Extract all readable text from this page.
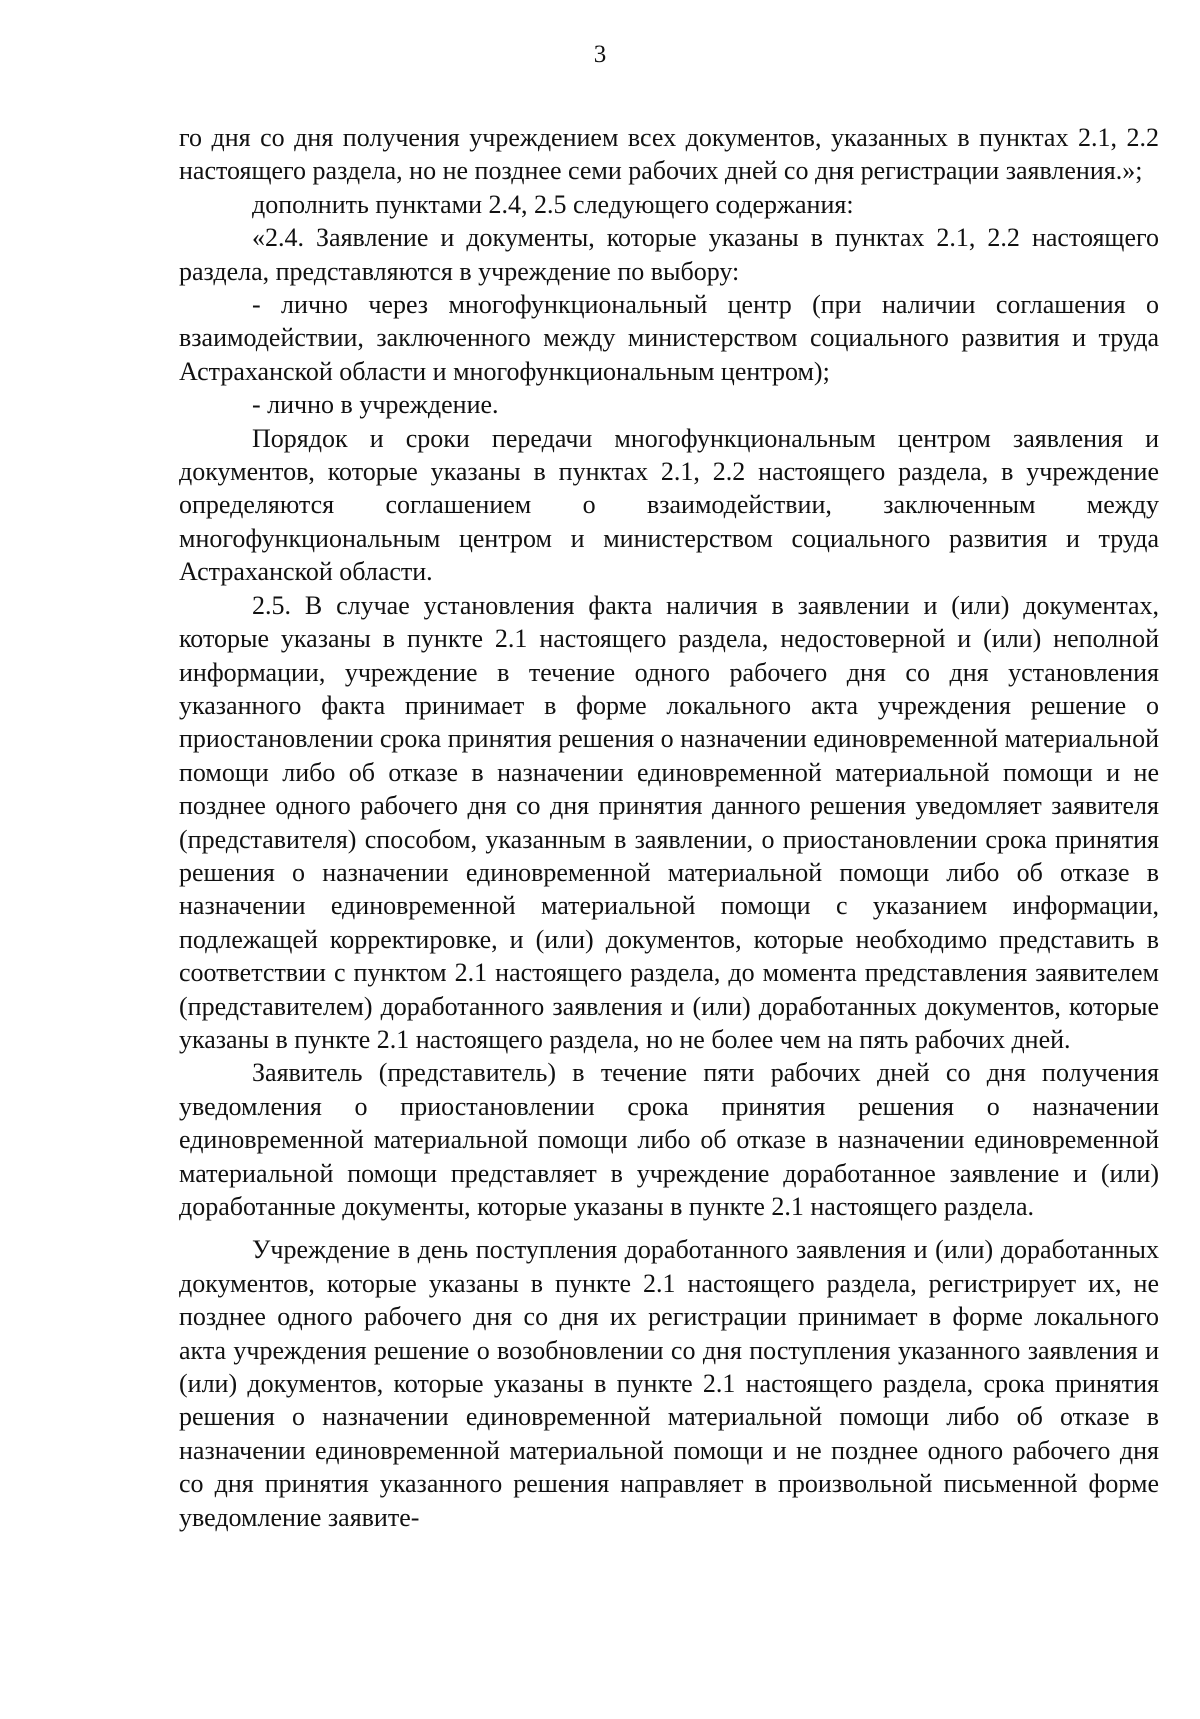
3

го дня со дня получения учреждением всех документов, указанных в пунктах 2.1, 2.2 настоящего раздела, но не позднее семи рабочих дней со дня регистрации заявления.»;

дополнить пунктами 2.4, 2.5 следующего содержания:

«2.4. Заявление и документы, которые указаны в пунктах 2.1, 2.2 настоящего раздела, представляются в учреждение по выбору:

- лично через многофункциональный центр (при наличии соглашения о взаимодействии, заключенного между министерством социального развития и труда Астраханской области и многофункциональным центром);

- лично в учреждение.

Порядок и сроки передачи многофункциональным центром заявления и документов, которые указаны в пунктах 2.1, 2.2 настоящего раздела, в учреждение определяются соглашением о взаимодействии, заключенным между многофункциональным центром и министерством социального развития и труда Астраханской области.

2.5. В случае установления факта наличия в заявлении и (или) документах, которые указаны в пункте 2.1 настоящего раздела, недостоверной и (или) неполной информации, учреждение в течение одного рабочего дня со дня установления указанного факта принимает в форме локального акта учреждения решение о приостановлении срока принятия решения о назначении единовременной материальной помощи либо об отказе в назначении единовременной материальной помощи и не позднее одного рабочего дня со дня принятия данного решения уведомляет заявителя (представителя) способом, указанным в заявлении, о приостановлении срока принятия решения о назначении единовременной материальной помощи либо об отказе в назначении единовременной материальной помощи с указанием информации, подлежащей корректировке, и (или) документов, которые необходимо представить в соответствии с пунктом 2.1 настоящего раздела, до момента представления заявителем (представителем) доработанного заявления и (или) доработанных документов, которые указаны в пункте 2.1 настоящего раздела, но не более чем на пять рабочих дней.

Заявитель (представитель) в течение пяти рабочих дней со дня получения уведомления о приостановлении срока принятия решения о назначении единовременной материальной помощи либо об отказе в назначении единовременной материальной помощи представляет в учреждение доработанное заявление и (или) доработанные документы, которые указаны в пункте 2.1 настоящего раздела.

Учреждение в день поступления доработанного заявления и (или) доработанных документов, которые указаны в пункте 2.1 настоящего раздела, регистрирует их, не позднее одного рабочего дня со дня их регистрации принимает в форме локального акта учреждения решение о возобновлении со дня поступления указанного заявления и (или) документов, которые указаны в пункте 2.1 настоящего раздела, срока принятия решения о назначении единовременной материальной помощи либо об отказе в назначении единовременной материальной помощи и не позднее одного рабочего дня со дня принятия указанного решения направляет в произвольной письменной форме уведомление заявите-
